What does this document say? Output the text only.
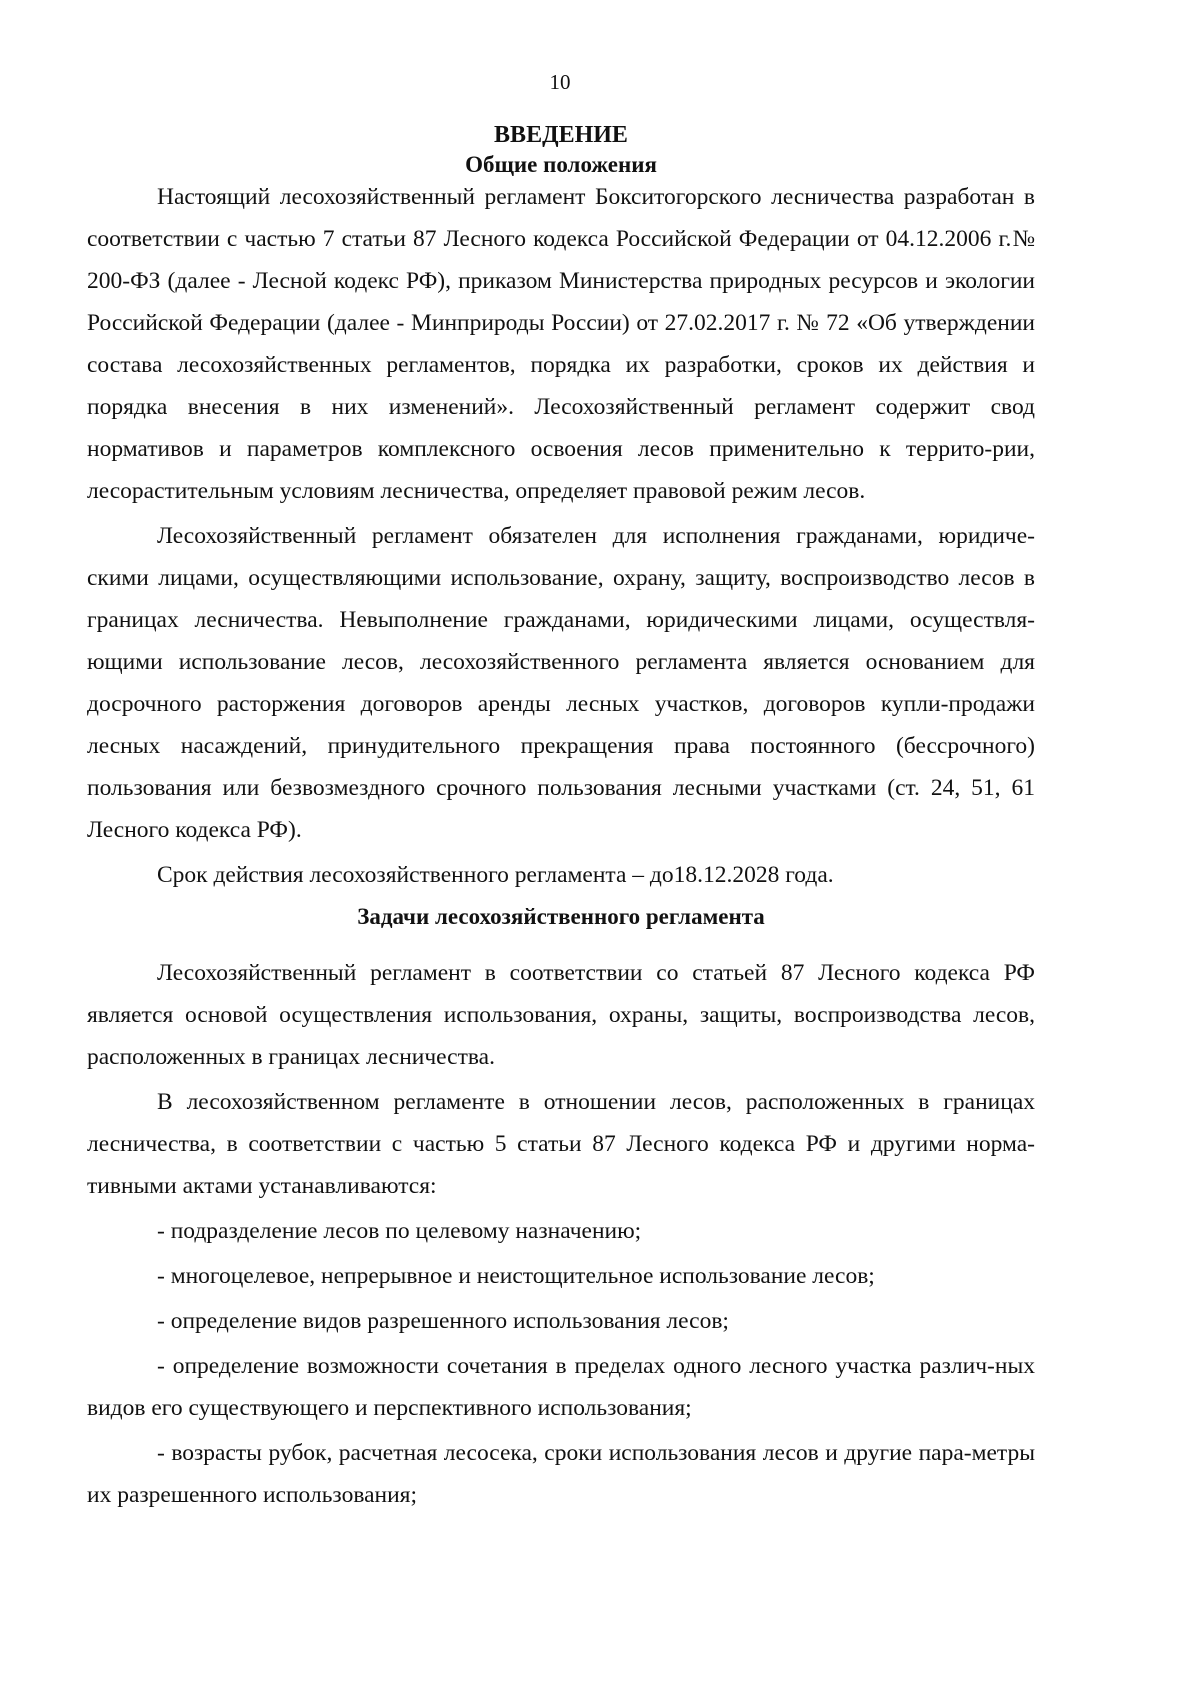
10
ВВЕДЕНИЕ
Общие положения

Настоящий лесохозяйственный регламент Бокситогорского лесничества разработан в соответствии с частью 7 статьи 87 Лесного кодекса Российской Федерации от 04.12.2006 г.№ 200-ФЗ (далее - Лесной кодекс РФ), приказом Министерства природных ресурсов и экологии Российской Федерации (далее - Минприроды России) от 27.02.2017 г. № 72 «Об утверждении состава лесохозяйственных регламентов, порядка их разработки, сроков их действия и порядка внесения в них изменений». Лесохозяйственный регламент содержит свод нормативов и параметров комплексного освоения лесов применительно к террито-рии, лесорастительным условиям лесничества, определяет правовой режим лесов.

Лесохозяйственный регламент обязателен для исполнения гражданами, юридиче-скими лицами, осуществляющими использование, охрану, защиту, воспроизводство лесов в границах лесничества. Невыполнение гражданами, юридическими лицами, осуществля-ющими использование лесов, лесохозяйственного регламента является основанием для досрочного расторжения договоров аренды лесных участков, договоров купли-продажи лесных насаждений, принудительного прекращения права постоянного (бессрочного) пользования или безвозмездного срочного пользования лесными участками (ст. 24, 51, 61 Лесного кодекса РФ).

Срок действия лесохозяйственного регламента – до18.12.2028 года.

Задачи лесохозяйственного регламента

Лесохозяйственный регламент в соответствии со статьей 87 Лесного кодекса РФ является основой осуществления использования, охраны, защиты, воспроизводства лесов, расположенных в границах лесничества.

В лесохозяйственном регламенте в отношении лесов, расположенных в границах лесничества, в соответствии с частью 5 статьи 87 Лесного кодекса РФ и другими норма-тивными актами устанавливаются:

- подразделение лесов по целевому назначению;

- многоцелевое, непрерывное и неистощительное использование лесов;

- определение видов разрешенного использования лесов;

- определение возможности сочетания в пределах одного лесного участка различ-ных видов его существующего и перспективного использования;

- возрасты рубок, расчетная лесосека, сроки использования лесов и другие пара-метры их разрешенного использования;
